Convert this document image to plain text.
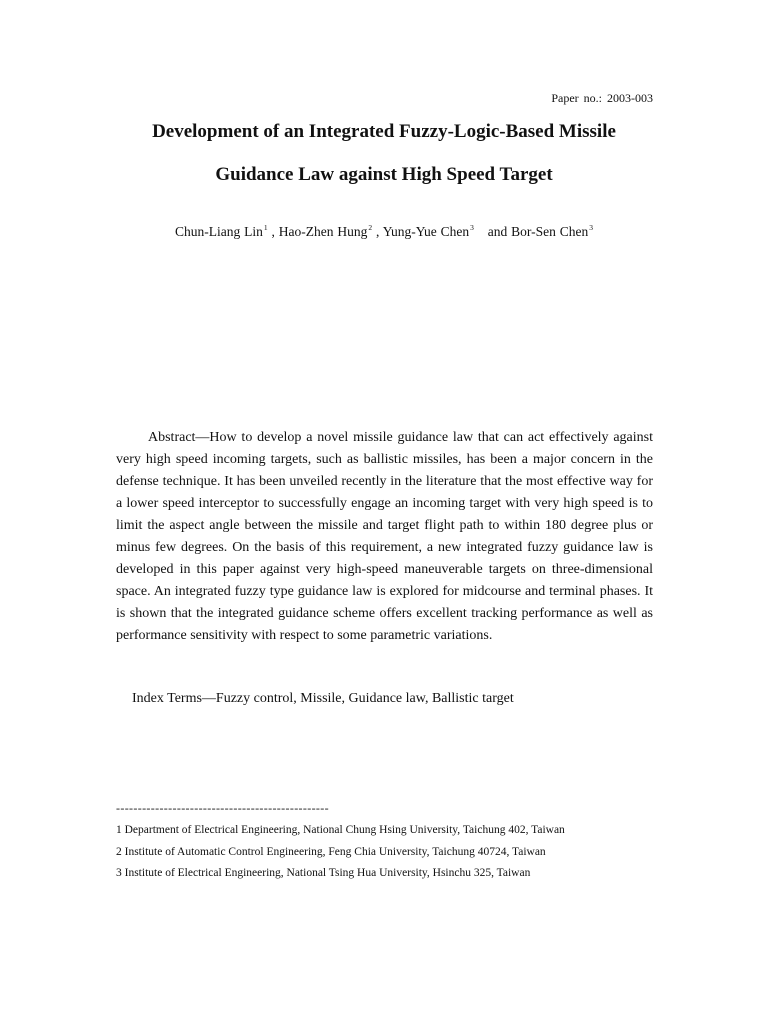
Paper no.: 2003-003
Development of an Integrated Fuzzy-Logic-Based Missile
Guidance Law against High Speed Target
Chun-Liang Lin$^1$ , Hao-Zhen Hung$^2$ , Yung-Yue Chen$^3$ and Bor-Sen Chen$^3$

Abstract—How to develop a novel missile guidance law that can act effectively against very high speed incoming targets, such as ballistic missiles, has been a major concern in the defense technique. It has been unveiled recently in the literature that the most effective way for a lower speed interceptor to successfully engage an incoming target with very high speed is to limit the aspect angle between the missile and target flight path to within 180 degree plus or minus few degrees. On the basis of this requirement, a new integrated fuzzy guidance law is developed in this paper against very high-speed maneuverable targets on three-dimensional space. An integrated fuzzy type guidance law is explored for midcourse and terminal phases. It is shown that the integrated guidance scheme offers excellent tracking performance as well as performance sensitivity with respect to some parametric variations.

Index Terms—Fuzzy control, Missile, Guidance law, Ballistic target
-------------------------------------------------
1 Department of Electrical Engineering, National Chung Hsing University, Taichung 402, Taiwan
2 Institute of Automatic Control Engineering, Feng Chia University, Taichung 40724, Taiwan
3 Institute of Electrical Engineering, National Tsing Hua University, Hsinchu 325, Taiwan
